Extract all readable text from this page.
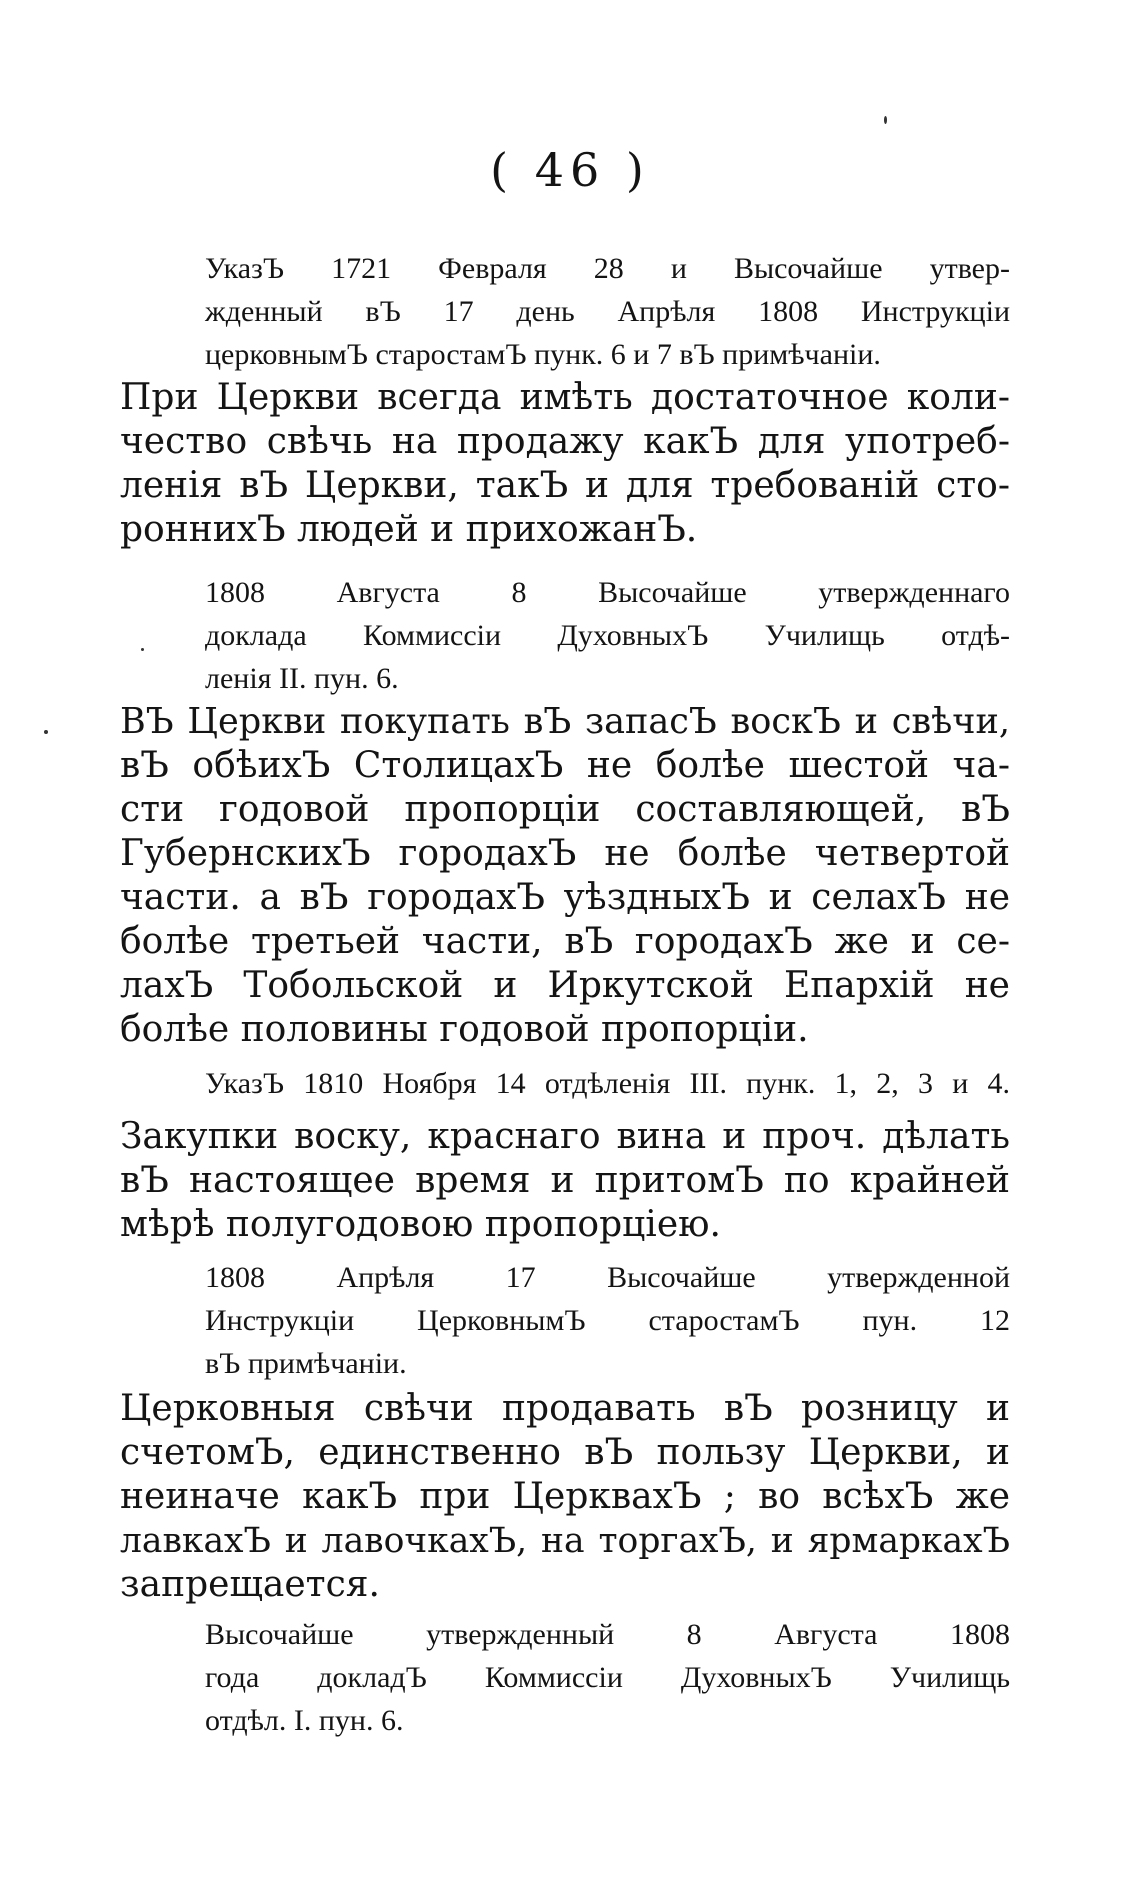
( 46 )
УказЪ 1721 Февраля 28 и Высочайше утвер-
жденный вЪ 17 день Апрѣля 1808 Инструкціи
церковнымЪ старостамЪ пунк. 6 и 7 вЪ примѣчаніи.
При Церкви всегда имѣть достаточное коли-
чество свѣчь на продажу какЪ для употреб-
ленія вЪ Церкви, такЪ и для требованій сто-
роннихЪ людей и прихожанЪ.
1808 Августа 8 Высочайше утвержденнаго
доклада Коммиссіи ДуховныхЪ Училищь отдѣ-
ленія II. пун. 6.
ВЪ Церкви покупать вЪ запасЪ воскЪ и свѣчи,
вЪ обѣихЪ СтолицахЪ не болѣе шестой ча-
сти годовой пропорціи составляющей, вЪ
ГубернскихЪ городахЪ не болѣе четвертой
части. а вЪ городахЪ уѣздныхЪ и селахЪ не
болѣе третьей части, вЪ городахЪ же и се-
лахЪ Тобольской и Иркутской Епархій не
болѣе половины годовой пропорціи.
УказЪ 1810 Ноября 14 отдѣленія III. пунк. 1, 2, 3 и 4.
Закупки воску, краснаго вина и проч. дѣлать
вЪ настоящее время и притомЪ по крайней
мѣрѣ полугодовою пропорціею.
1808 Апрѣля 17 Высочайше утвержденной
Инструкціи ЦерковнымЪ старостамЪ пун. 12
вЪ примѣчаніи.
Церковныя свѣчи продавать вЪ розницу и
счетомЪ, единственно вЪ пользу Церкви, и
неиначе какЪ при ЦерквахЪ ; во всѣхЪ же
лавкахЪ и лавочкахЪ, на торгахЪ, и ярмаркахЪ
запрещается.
Высочайше утвержденный 8 Августа 1808
года докладЪ Коммиссіи ДуховныхЪ Училищь
отдѣл. I. пун. 6.
